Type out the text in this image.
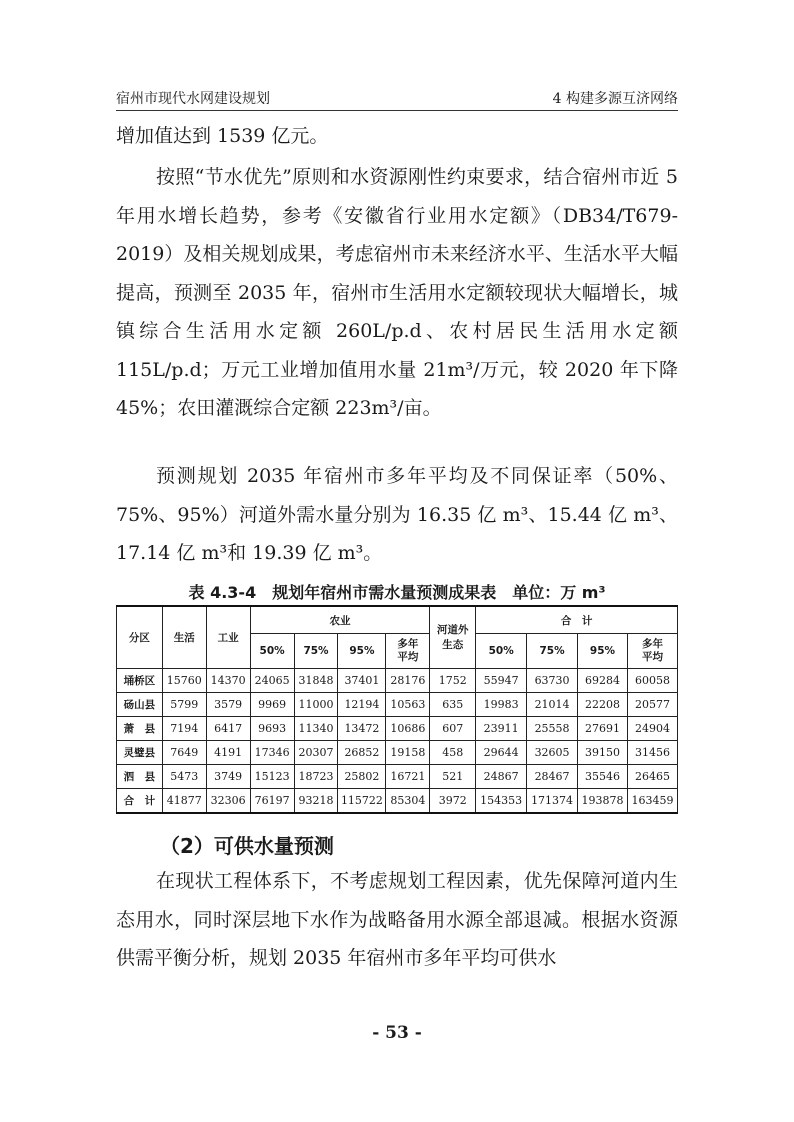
宿州市现代水网建设规划	4 构建多源互济网络
增加值达到 1539 亿元。
按照“节水优先”原则和水资源刚性约束要求，结合宿州市近 5 年用水增长趋势，参考《安徽省行业用水定额》（DB34/T679-2019）及相关规划成果，考虑宿州市未来经济水平、生活水平大幅提高，预测至 2035 年，宿州市生活用水定额较现状大幅增长，城镇综合生活用水定额 260L/p.d、农村居民生活用水定额 115L/p.d；万元工业增加值用水量 21m³/万元，较 2020 年下降 45%；农田灌溉综合定额 223m³/亩。
预测规划 2035 年宿州市多年平均及不同保证率（50%、75%、95%）河道外需水量分别为 16.35 亿 m³、15.44 亿 m³、17.14 亿 m³和 19.39 亿 m³。
表 4.3-4　规划年宿州市需水量预测成果表　单位：万 m³
分区	生活	工业	农业				河道外生态	合　计			
			50%	75%	95%	多年平均		50%	75%	95%	多年平均
埇桥区	15760	14370	24065	31848	37401	28176	1752	55947	63730	69284	60058
砀山县	5799	3579	9969	11000	12194	10563	635	19983	21014	22208	20577
萧　县	7194	6417	9693	11340	13472	10686	607	23911	25558	27691	24904
灵璧县	7649	4191	17346	20307	26852	19158	458	29644	32605	39150	31456
泗　县	5473	3749	15123	18723	25802	16721	521	24867	28467	35546	26465
合　计	41877	32306	76197	93218	115722	85304	3972	154353	171374	193878	163459
（2）可供水量预测
在现状工程体系下，不考虑规划工程因素，优先保障河道内生态用水，同时深层地下水作为战略备用水源全部退减。根据水资源供需平衡分析，规划 2035 年宿州市多年平均可供水
- 53 -
